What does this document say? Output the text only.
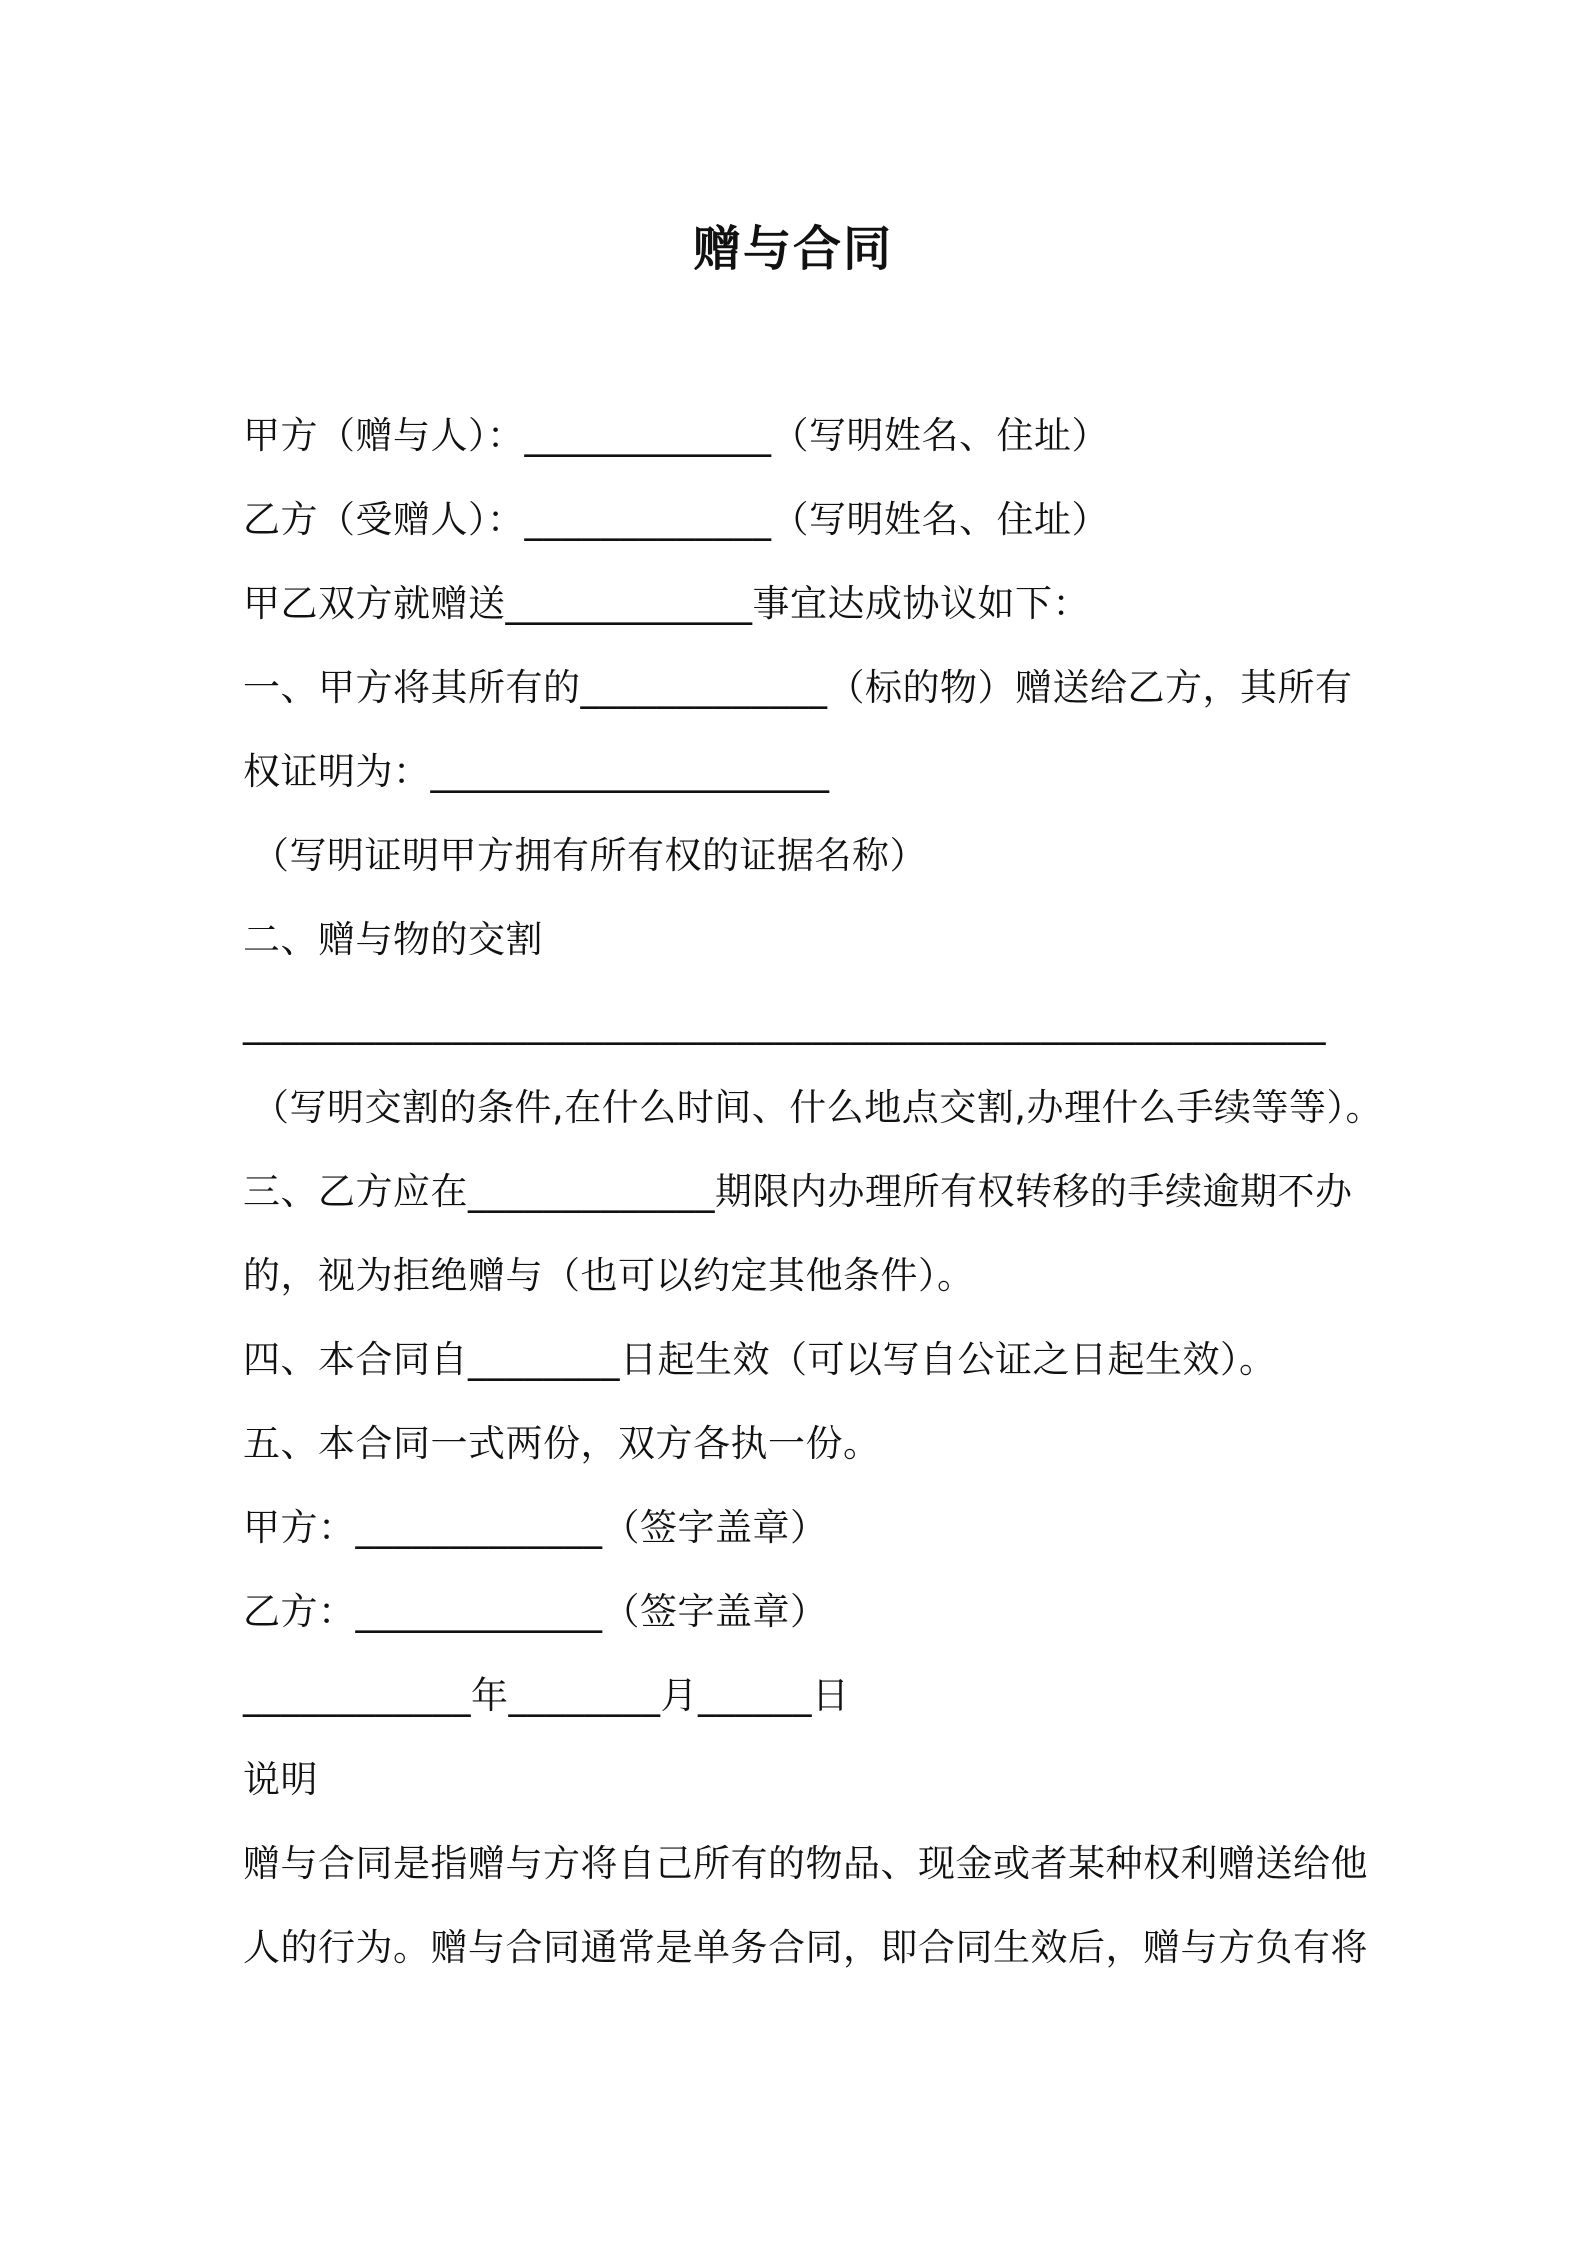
赠与合同
甲方（赠与人）：_____________（写明姓名、住址）
乙方（受赠人）：_____________（写明姓名、住址）
甲乙双方就赠送_____________事宜达成协议如下：
一、甲方将其所有的_____________（标的物）赠送给乙方，其所有
权证明为：_____________________
（写明证明甲方拥有所有权的证据名称）
二、赠与物的交割
_________________________________________________________
（写明交割的条件,在什么时间、什么地点交割,办理什么手续等等）。
三、乙方应在_____________期限内办理所有权转移的手续逾期不办
的，视为拒绝赠与（也可以约定其他条件）。
四、本合同自________日起生效（可以写自公证之日起生效）。
五、本合同一式两份，双方各执一份。
甲方：_____________（签字盖章）
乙方：_____________（签字盖章）
____________年________月______日
说明
赠与合同是指赠与方将自己所有的物品、现金或者某种权利赠送给他
人的行为。赠与合同通常是单务合同，即合同生效后，赠与方负有将
